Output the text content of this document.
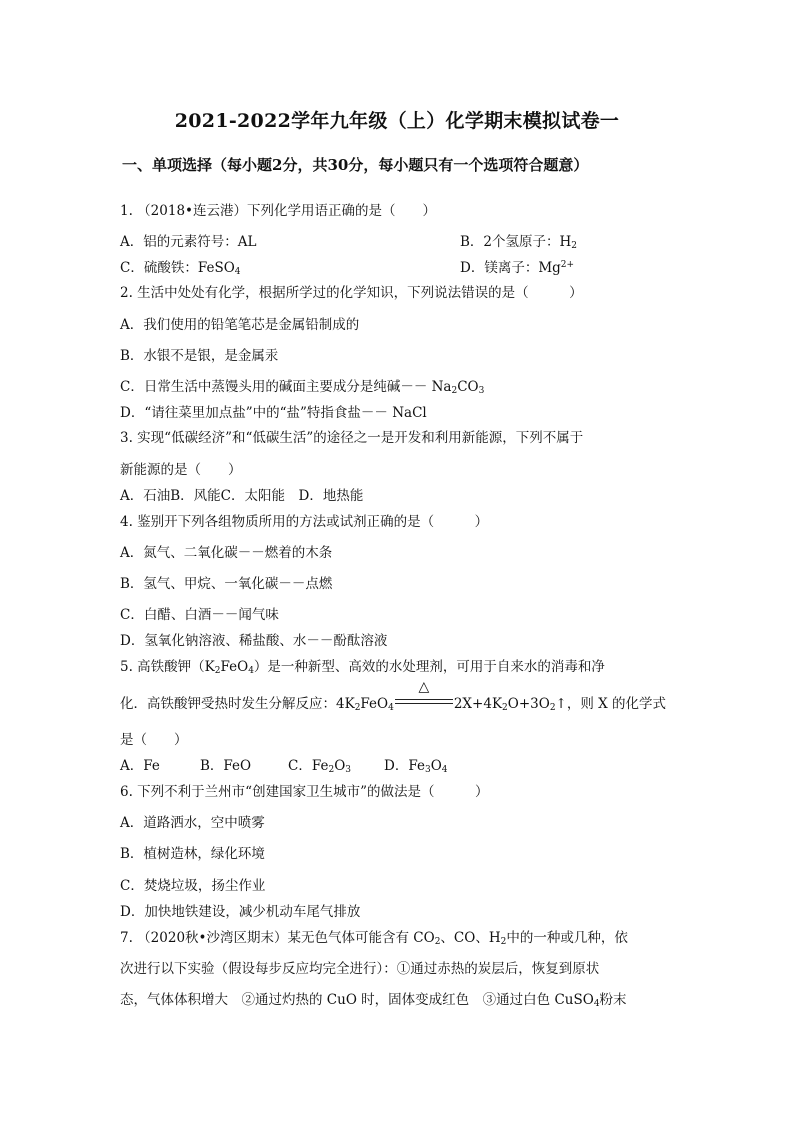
2021-2022学年九年级（上）化学期末模拟试卷一
一、单项选择（每小题2分，共30分，每小题只有一个选项符合题意）
1. （2018•连云港）下列化学用语正确的是（　　）
A．铝的元素符号：AL	B．2个氢原子：$H_2$
C．硫酸铁：FeSO$_4$	D．镁离子：$Mg^{2+}$
2. 生活中处处有化学，根据所学过的化学知识，下列说法错误的是（　　　）
A．我们使用的铅笔笔芯是金属铅制成的
B．水银不是银，是金属汞
C．日常生活中蒸馒头用的碱面主要成分是纯碱－－ $Na_2CO_3$
D．“请往菜里加点盐”中的“盐”特指食盐－－ NaCl
3. 实现“低碳经济”和“低碳生活”的途径之一是开发和利用新能源，下列不属于
新能源的是（　　）
A．石油B．风能C．太阳能　D．地热能
4. 鉴别开下列各组物质所用的方法或试剂正确的是（　　　）
A．氮气、二氧化碳－－燃着的木条
B．氢气、甲烷、一氧化碳－－点燃
C．白醋、白酒－－闻气味
D．氢氧化钠溶液、稀盐酸、水－－酚酞溶液
5. 高铁酸钾$(K_2FeO_4)$是一种新型、高效的水处理剂，可用于自来水的消毒和净
化．高铁酸钾受热时发生分解反应：$4K_2FeO_4$
△
$2X+4K_2O+3O_2↑$，则 X 的化学式
是（　　）
A．Fe	B．FeO	C．$Fe_2O_3$ D．$Fe_3O_4$
6. 下列不利于兰州市“创建国家卫生城市”的做法是（　　　）
A．道路洒水，空中喷雾
B．植树造林，绿化环境
C．焚烧垃圾，扬尘作业
D．加快地铁建设，减少机动车尾气排放
7. （2020秋•沙湾区期末）某无色气体可能含有 $CO_2$、CO、$H_2$中的一种或几种，依
次进行以下实验（假设每步反应均完全进行）：①通过赤热的炭层后，恢复到原状
态，气体体积增大　②通过灼热的 CuO 时，固体变成红色　③通过白色 CuSO$_4$粉末
